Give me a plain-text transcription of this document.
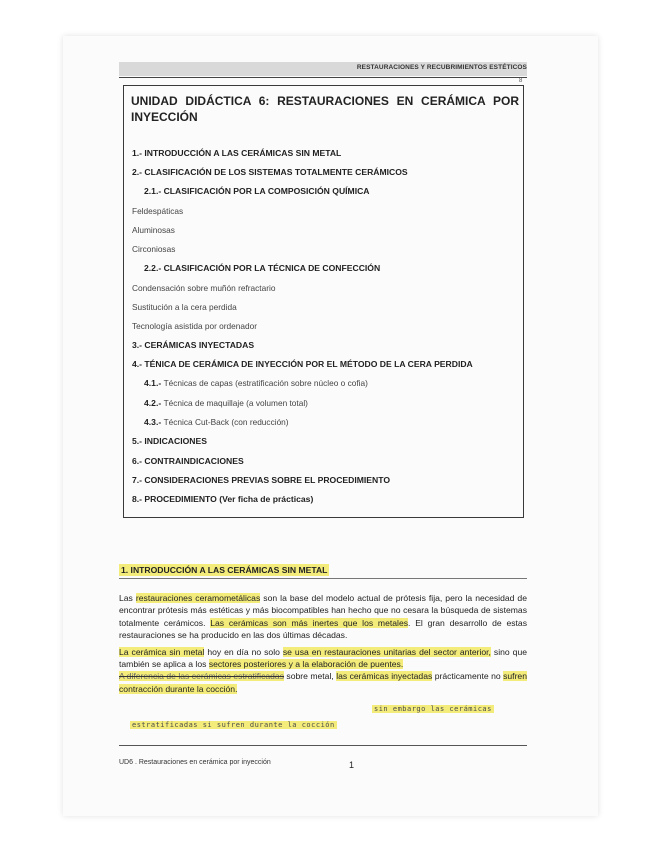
RESTAURACIONES Y RECUBRIMIENTOS ESTÉTICOS
8
UNIDAD DIDÁCTICA 6: RESTAURACIONES EN CERÁMICA POR INYECCIÓN
1.- INTRODUCCIÓN A LAS CERÁMICAS SIN METAL
2.- CLASIFICACIÓN DE LOS SISTEMAS TOTALMENTE CERÁMICOS
2.1.- CLASIFICACIÓN POR LA COMPOSICIÓN QUÍMICA
Feldespáticas
Aluminosas
Circoniosas
2.2.- CLASIFICACIÓN POR LA TÉCNICA DE CONFECCIÓN
Condensación sobre muñón refractario
Sustitución a la cera perdida
Tecnología asistida por ordenador
3.- CERÁMICAS INYECTADAS
4.- TÉNICA DE CERÁMICA DE INYECCIÓN POR EL MÉTODO DE LA CERA PERDIDA
4.1.- Técnicas de capas (estratificación sobre núcleo o cofia)
4.2.- Técnica de maquillaje (a volumen total)
4.3.- Técnica Cut-Back (con reducción)
5.- INDICACIONES
6.- CONTRAINDICACIONES
7.- CONSIDERACIONES PREVIAS SOBRE EL PROCEDIMIENTO
8.- PROCEDIMIENTO (Ver ficha de prácticas)
1. INTRODUCCIÓN A LAS CERÁMICAS SIN METAL

Las restauraciones ceramometálicas son la base del modelo actual de prótesis fija, pero la necesidad de encontrar prótesis más estéticas y más biocompatibles han hecho que no cesara la búsqueda de sistemas totalmente cerámicos. Las cerámicas son más inertes que los metales. El gran desarrollo de estas restauraciones se ha producido en las dos últimas décadas.

La cerámica sin metal hoy en día no solo se usa en restauraciones unitarias del sector anterior, sino que también se aplica a los sectores posteriores y a la elaboración de puentes.
A diferencia de las cerámicas estratificadas sobre metal, las cerámicas inyectadas prácticamente no sufren contracción durante la cocción.

sin embargo las cerámicas
estratificadas si sufren durante la cocción
UD6 . Restauraciones en cerámica por inyección	1
